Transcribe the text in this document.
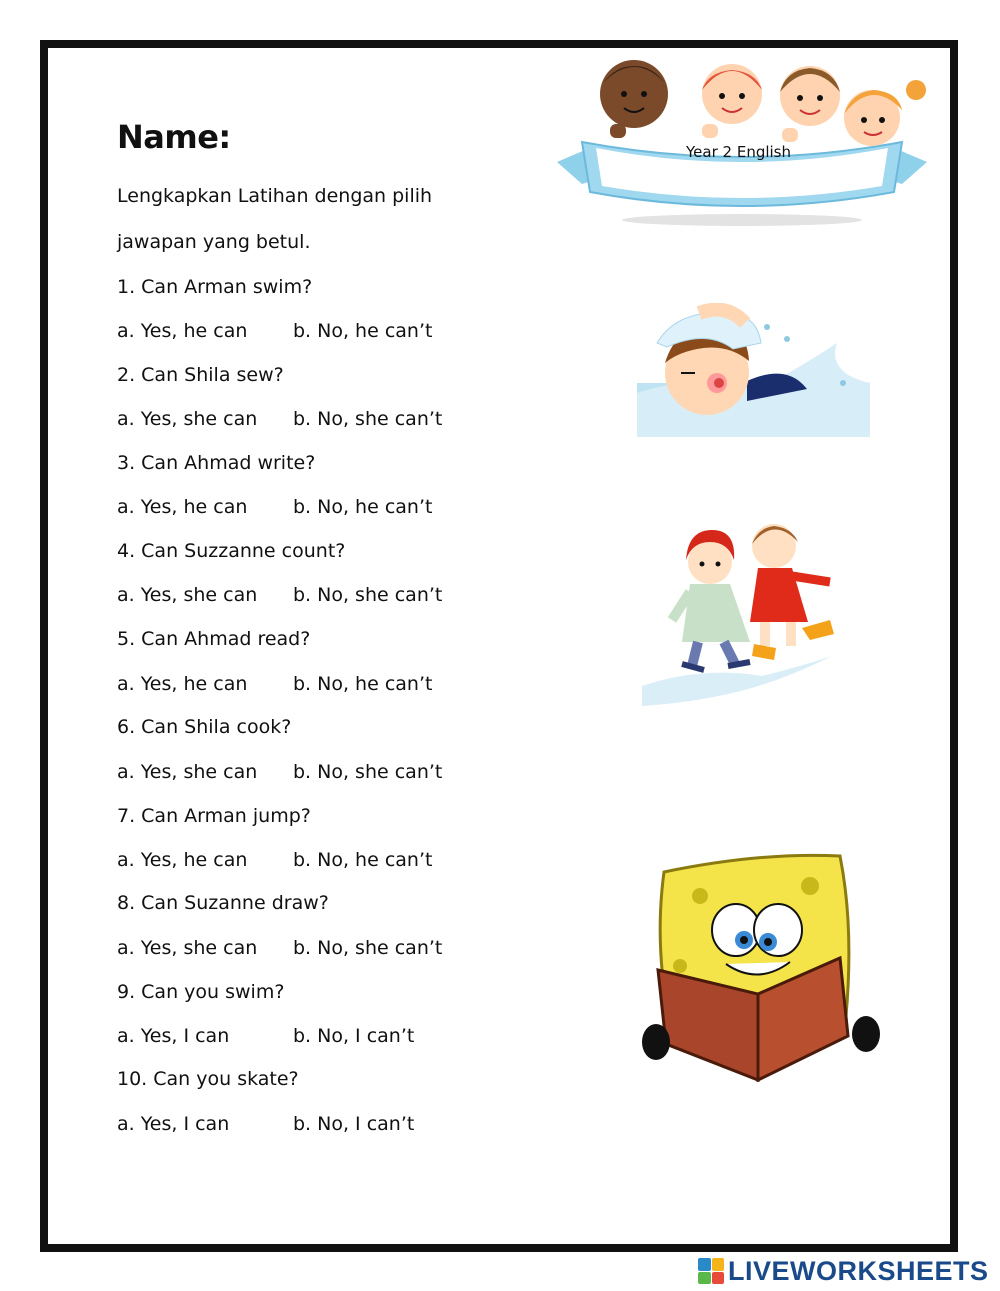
Year 2 English
Name:
Lengkapkan Latihan dengan pilih
jawapan yang betul.
1. Can Arman swim?
a. Yes, he can b. No, he can’t
2. Can Shila sew?
a. Yes, she can b. No, she can’t
3. Can Ahmad write?
a. Yes, he can b. No, he can’t
4. Can Suzzanne count?
a. Yes, she can b. No, she can’t
5. Can Ahmad read?
a. Yes, he can b. No, he can’t
6. Can Shila cook?
a. Yes, she can b. No, she can’t
7. Can Arman jump?
a. Yes, he can b. No, he can’t
8. Can Suzanne draw?
a. Yes, she can b. No, she can’t
9. Can you swim?
a. Yes, I can	b. No, I can’t
10. Can you skate?
a. Yes, I can	b. No, I can’t
LIVEWORKSHEETS
